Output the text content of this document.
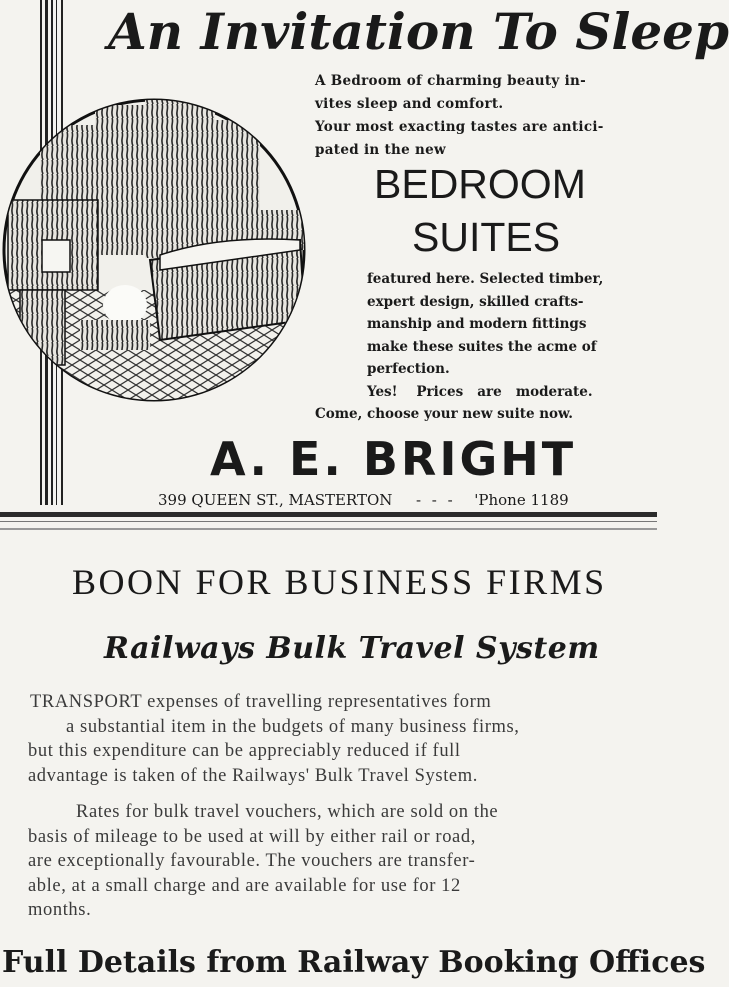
An Invitation To Sleep
A Bedroom of charming beauty in-
vites sleep and comfort.
Your most exacting tastes are antici-
pated in the new
BEDROOM
SUITES
featured here. Selected timber,
expert design, skilled crafts-
manship and modern fittings
make these suites the acme of
perfection.
Yes!    Prices   are   moderate.
Come, choose your new suite now.
A. E. BRIGHT
399 QUEEN ST., MASTERTON - - - 'Phone 1189
BOON FOR BUSINESS FIRMS
Railways Bulk Travel System
TRANSPORT expenses of travelling representatives form
a substantial item in the budgets of many business firms,
but this expenditure can be appreciably reduced if full
advantage is taken of the Railways' Bulk Travel System.
Rates for bulk travel vouchers, which are sold on the
basis of mileage to be used at will by either rail or road,
are exceptionally favourable. The vouchers are transfer-
able, at a small charge and are available for use for 12
months.
Full Details from Railway Booking Offices
